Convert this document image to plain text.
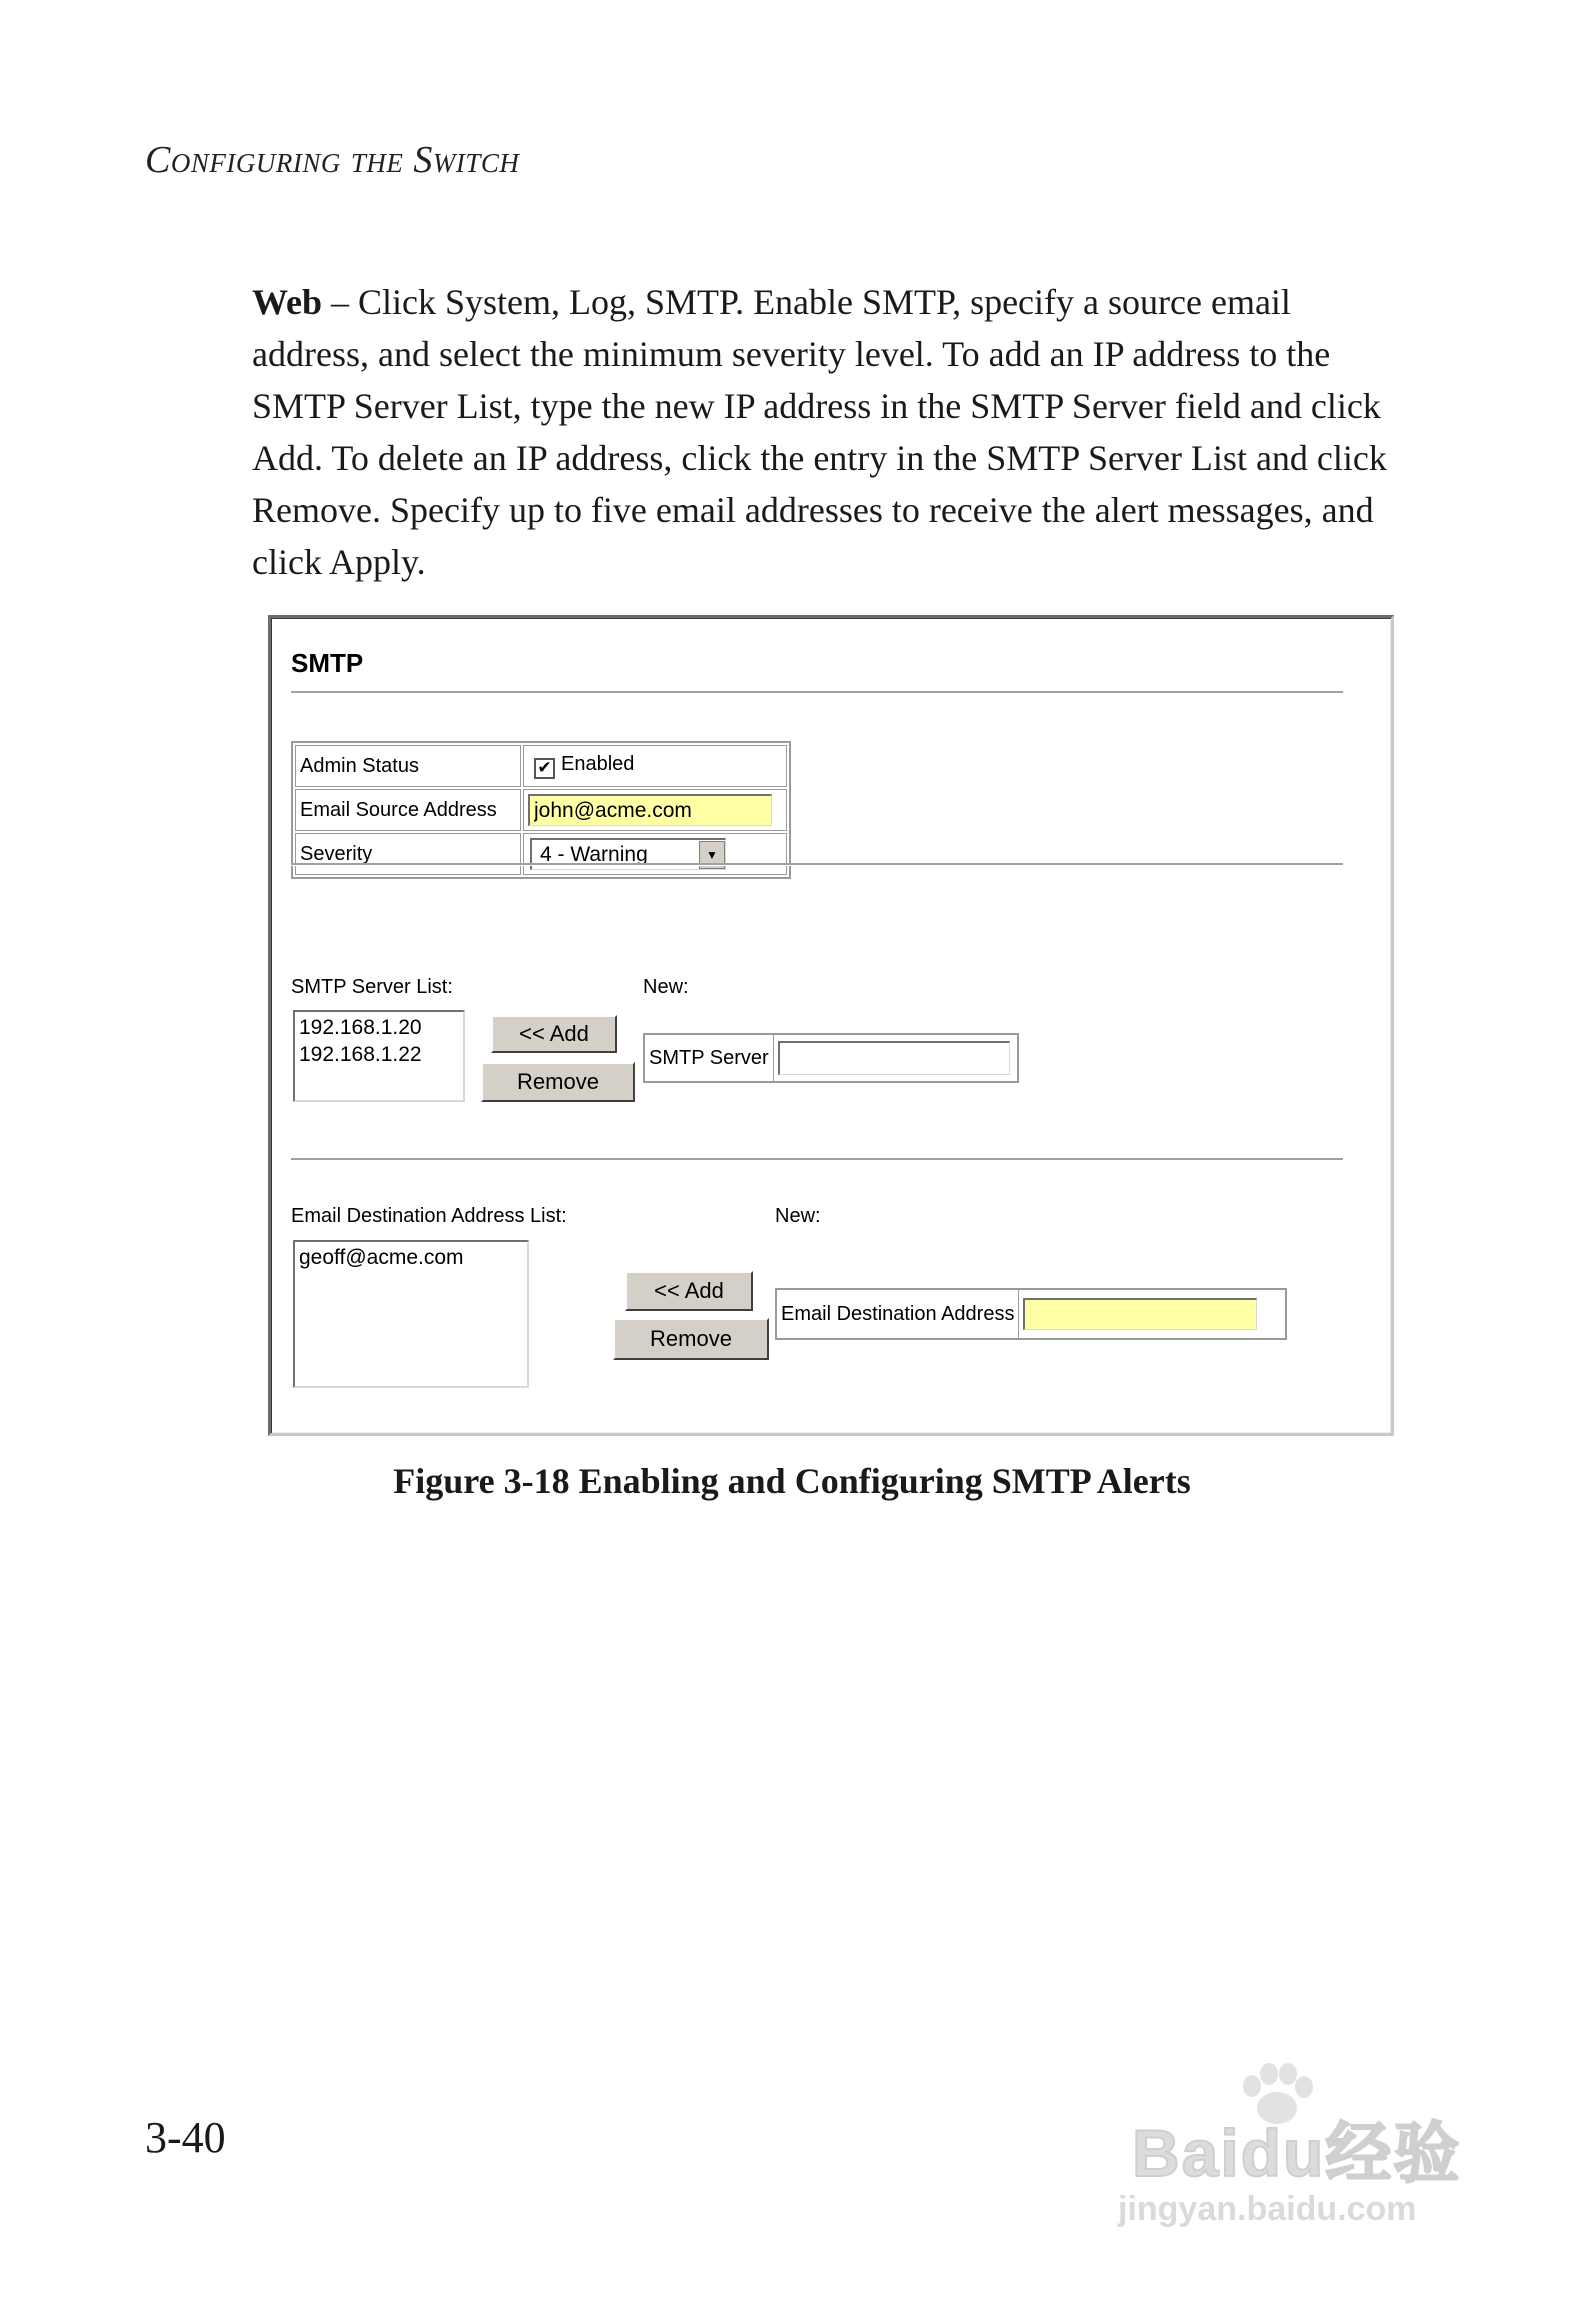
Configuring the Switch

Web – Click System, Log, SMTP. Enable SMTP, specify a source email address, and select the minimum severity level. To add an IP address to the SMTP Server List, type the new IP address in the SMTP Server field and click Add. To delete an IP address, click the entry in the SMTP Server List and click Remove. Specify up to five email addresses to receive the alert messages, and click Apply.

SMTP
Admin Status	✔ Enabled
Email Source Address	john@acme.com
Severity	4 - Warning ▼
SMTP Server List:
192.168.1.20
192.168.1.22
<< Add
Remove
New:
SMTP Server
Email Destination Address List:
geoff@acme.com
<< Add
Remove
New:
Email Destination Address
Figure 3-18 Enabling and Configuring SMTP Alerts
3-40	Baidu经验
jingyan.baidu.com
